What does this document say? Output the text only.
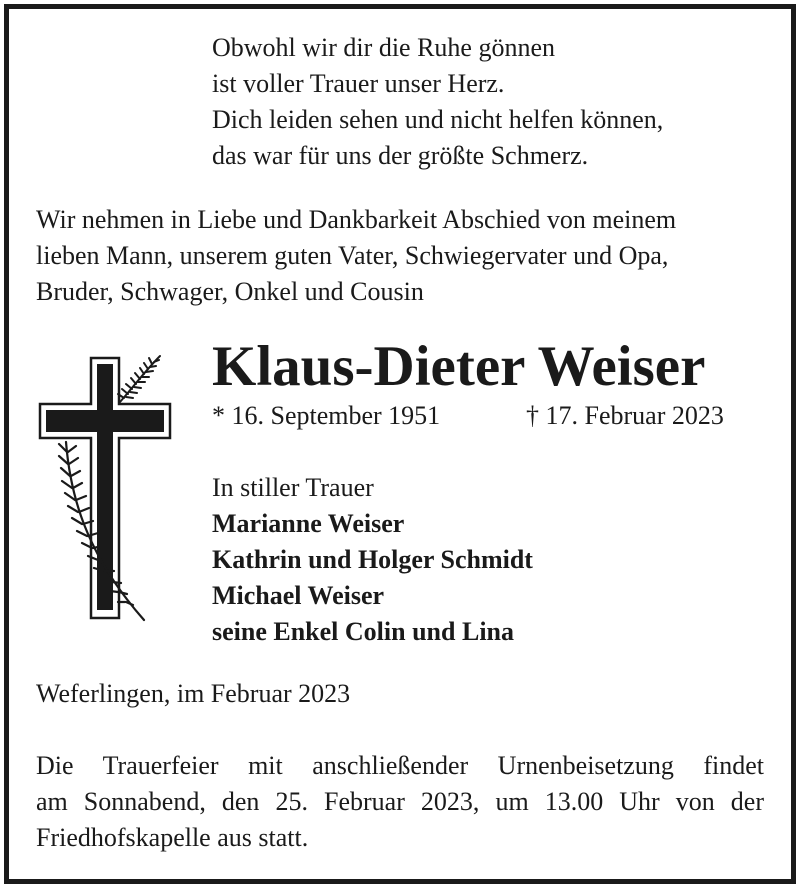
Obwohl wir dir die Ruhe gönnen
ist voller Trauer unser Herz.
Dich leiden sehen und nicht helfen können,
das war für uns der größte Schmerz.
Wir nehmen in Liebe und Dankbarkeit Abschied von meinem
lieben Mann, unserem guten Vater, Schwiegervater und Opa,
Bruder, Schwager, Onkel und Cousin
Klaus-Dieter Weiser
* 16. September 1951	† 17. Februar 2023
In stiller Trauer
Marianne Weiser
Kathrin und Holger Schmidt
Michael Weiser
seine Enkel Colin und Lina
Weferlingen, im Februar 2023
Die Trauerfeier mit anschließender Urnenbeisetzung findet
am Sonnabend, den 25. Februar 2023, um 13.00 Uhr von der
Friedhofskapelle aus statt.
